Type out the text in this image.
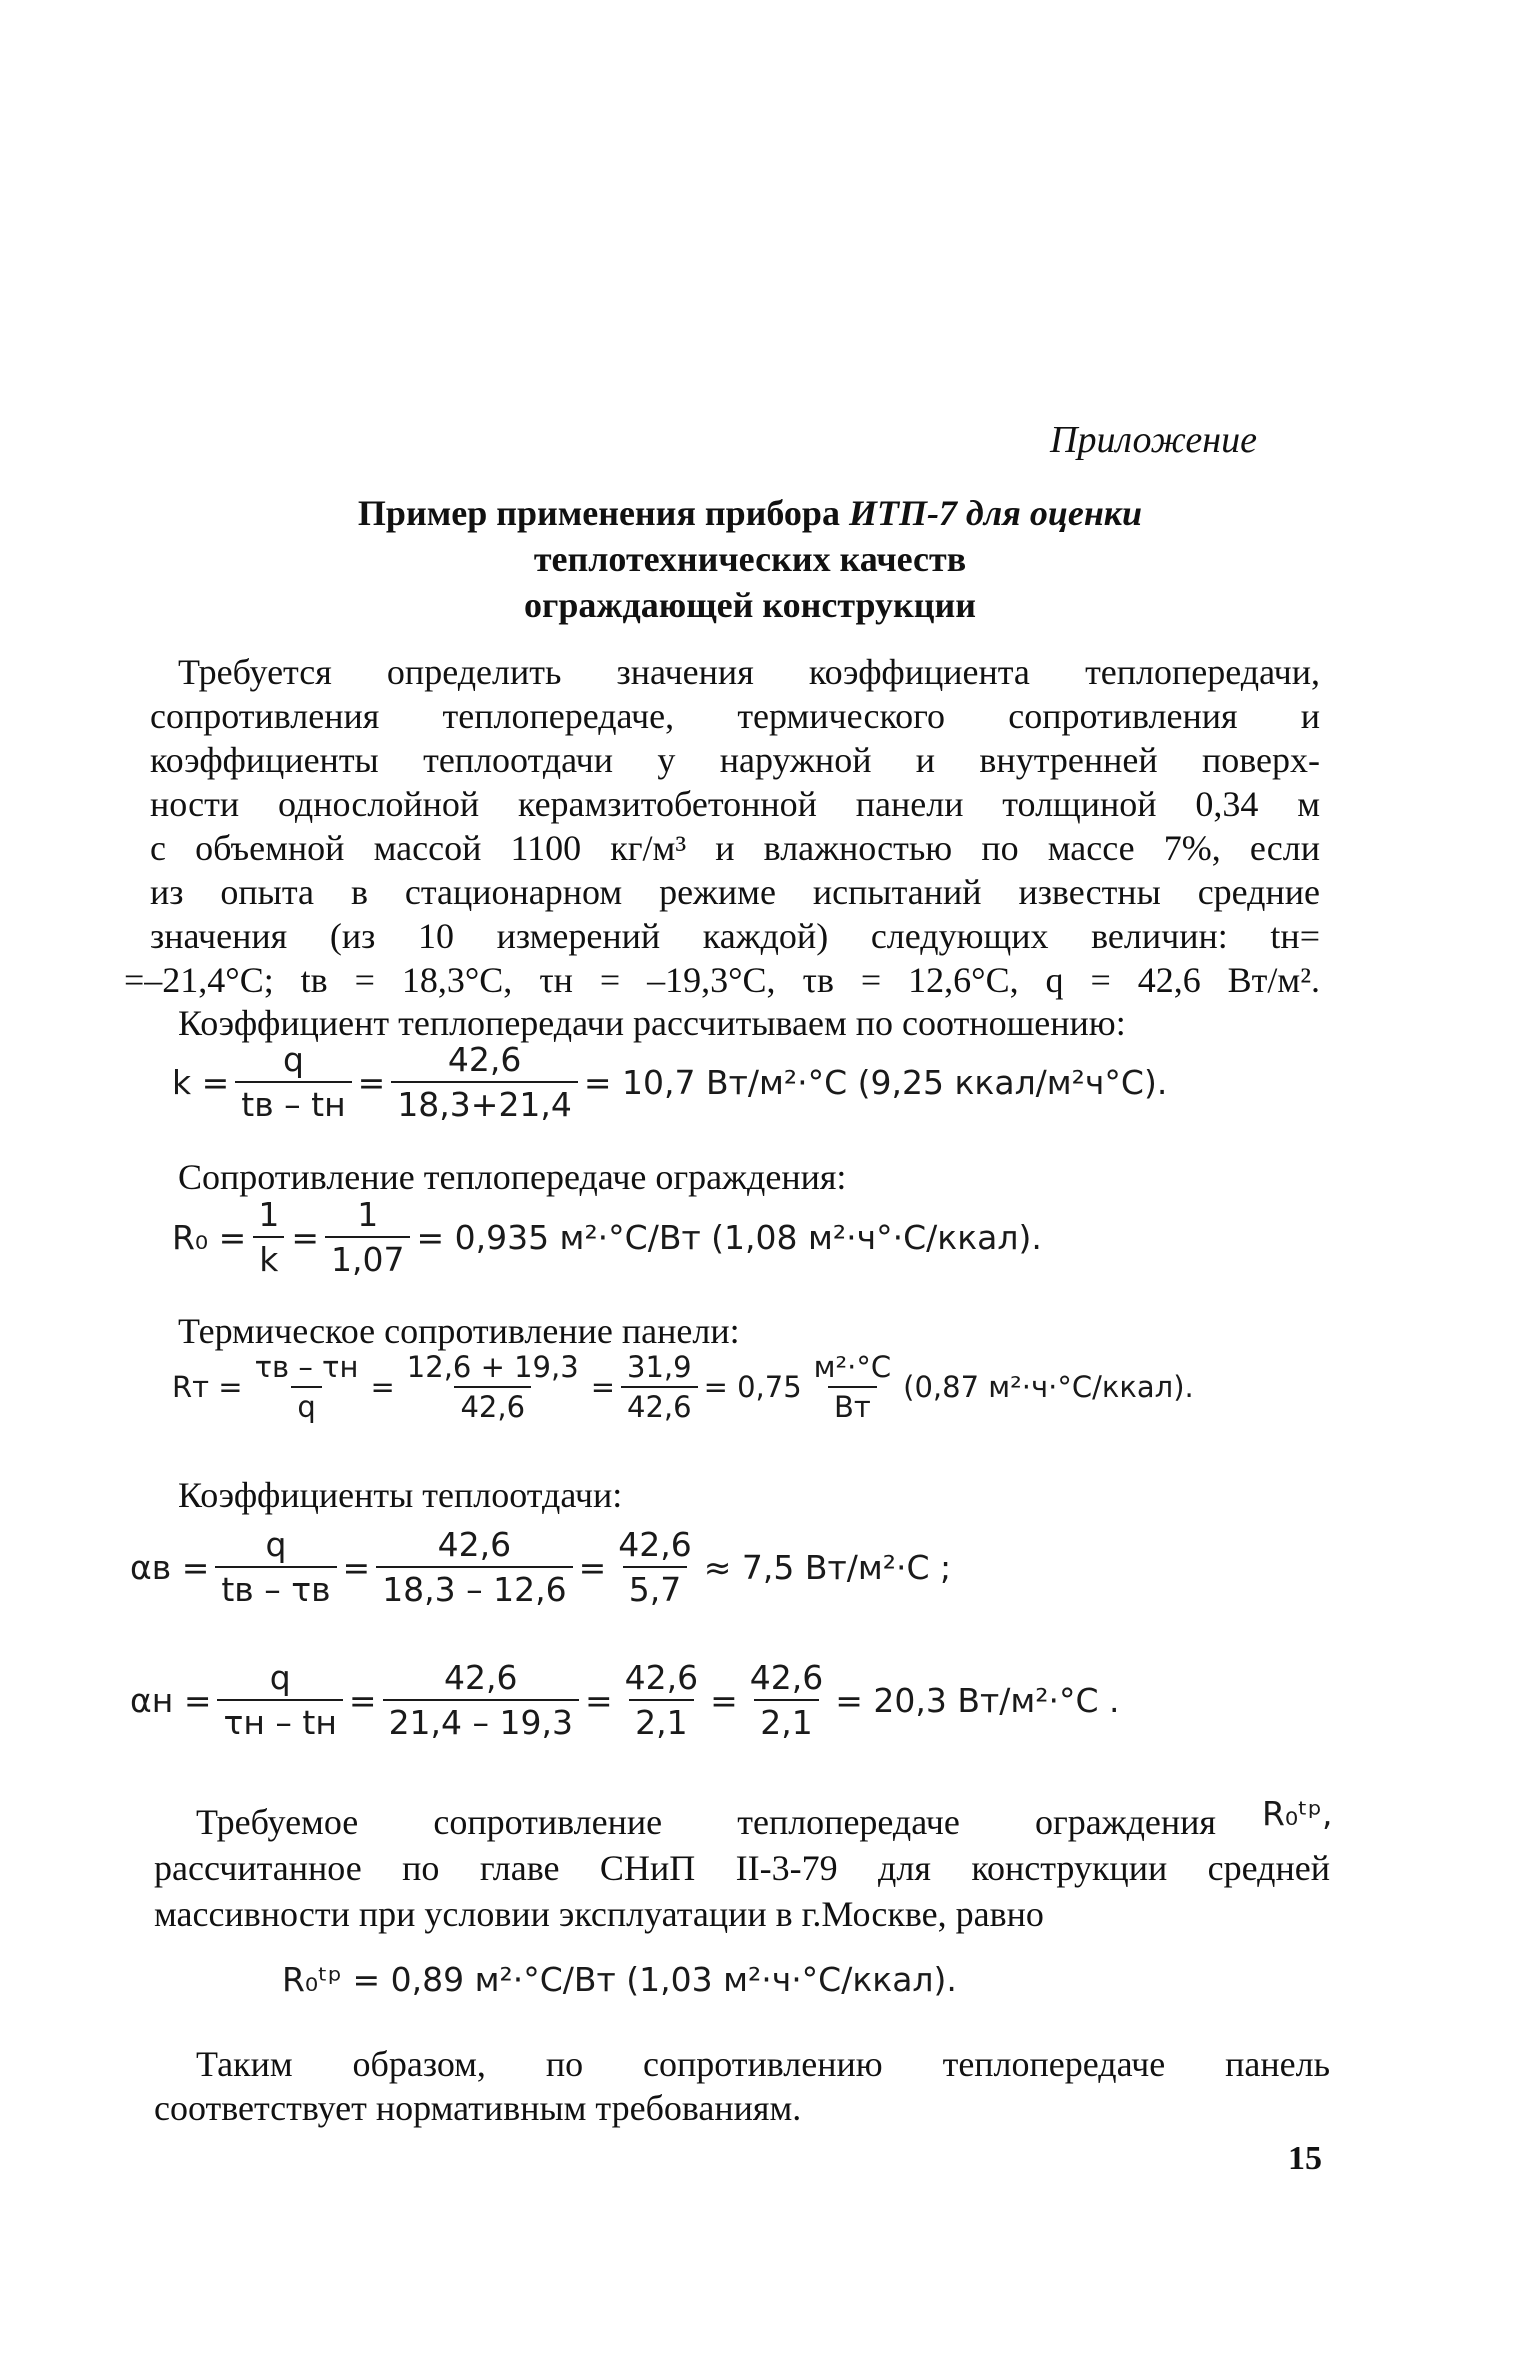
Приложение
Пример применения прибора ИТП-7 для оценки
теплотехнических качеств
ограждающей конструкции
Требуется определить значения коэффициента теплопередачи,
сопротивления теплопередаче, термического сопротивления и
коэффициенты теплоотдачи у наружной и внутренней поверх-
ности однослойной керамзитобетонной панели толщиной 0,34 м
с объемной массой 1100 кг/м³ и влажностью по массе 7%, если
из опыта в стационарном режиме испытаний известны средние
значения (из 10 измерений каждой) следующих величин: tн=
=–21,4°С; tв = 18,3°С, τн = –19,3°С, τв = 12,6°С, q = 42,6 Вт/м².
Коэффициент теплопередачи рассчитываем по соотношению:
$k = \frac{q}{tв - tн} = \frac{42,6}{18,3+21,4} = 10,7$ Вт/м²·°С (9,25 ккал/м²ч°С).
Сопротивление теплопередаче ограждения:
$R_0 = \frac{1}{k} = \frac{1}{1,07} = 0,935$ м²·°С/Вт (1,08 м²·ч°·С/ккал).
Термическое сопротивление панели:
Rт = $\frac{\tau в - \tau н}{q} = \frac{12,6 + 19,3}{42,6} = \frac{31,9}{42,6} = 0,75 \frac{\text{м²·°С}}{Вт} (0,87$ м²·ч·°С/ккал).
Коэффициенты теплоотдачи:
$\alpha в = \frac{q}{tв - \tau в} = \frac{42,6}{18,3 - 12,6} = \frac{42,6}{5,7} \approx 7,5$ Вт/м²·С ;
$\alpha н = \frac{q}{\tau н - tн} = \frac{42,6}{21,4 - 19,3} = \frac{42,6}{2,1} = \frac{42,6}{2,1} = 20,3$ Вт/м²·°С .
Требуемое сопротивление теплопередаче ограждения R₀ᵗᵖ,
рассчитанное по главе СНиП II-3-79 для конструкции средней
массивности при условии эксплуатации в г.Москве, равно
R₀ᵗᵖ = 0,89 м²·°С/Вт (1,03 м²·ч·°С/ккал).
Таким образом, по сопротивлению теплопередаче панель
соответствует нормативным требованиям.
15
